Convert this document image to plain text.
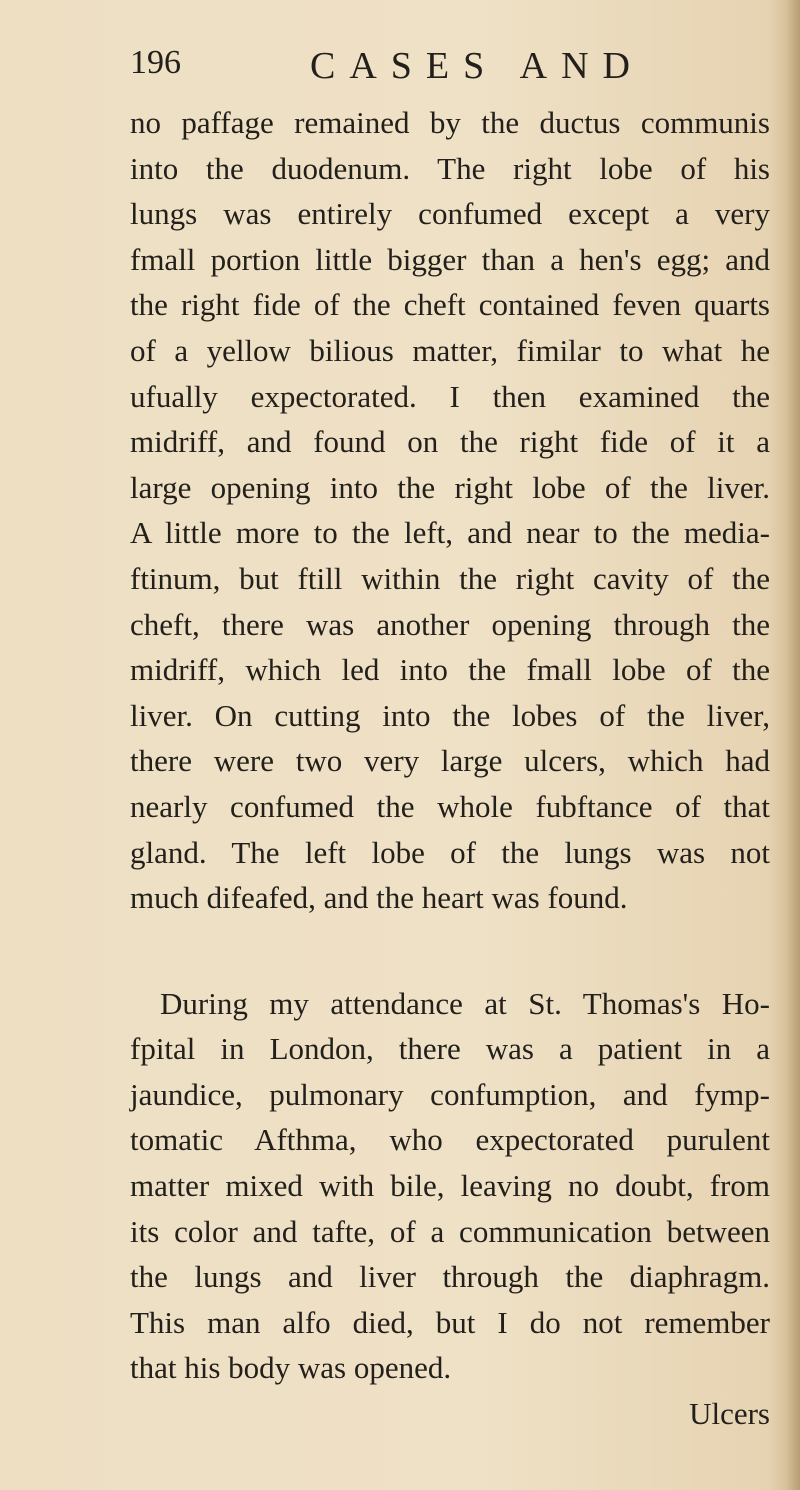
196	CASES AND
no paffage remained by the ductus communis
into the duodenum. The right lobe of his
lungs was entirely confumed except a very
fmall portion little bigger than a hen's egg; and
the right fide of the cheft contained feven quarts
of a yellow bilious matter, fimilar to what he
ufually expectorated. I then examined the
midriff, and found on the right fide of it a
large opening into the right lobe of the liver.
A little more to the left, and near to the media-
ftinum, but ftill within the right cavity of the
cheft, there was another opening through the
midriff, which led into the fmall lobe of the
liver. On cutting into the lobes of the liver,
there were two very large ulcers, which had
nearly confumed the whole fubftance of that
gland. The left lobe of the lungs was not
much difeafed, and the heart was found.
During my attendance at St. Thomas's Ho-
fpital in London, there was a patient in a
jaundice, pulmonary confumption, and fymp-
tomatic Afthma, who expectorated purulent
matter mixed with bile, leaving no doubt, from
its color and tafte, of a communication between
the lungs and liver through the diaphragm.
This man alfo died, but I do not remember
that his body was opened.
Ulcers
